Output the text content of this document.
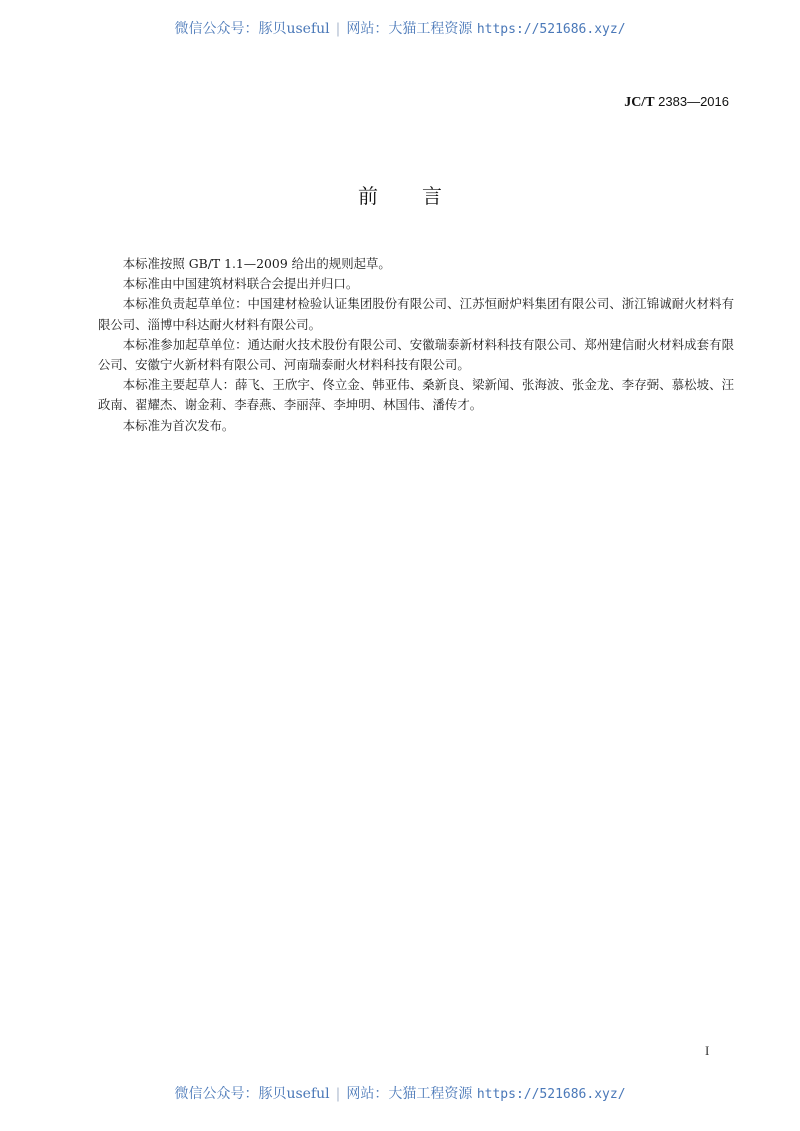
微信公众号：豚贝useful | 网站：大猫工程资源 https://521686.xyz/
JC/T 2383—2016
前言

本标准按照 GB/T 1.1—2009 给出的规则起草。

本标准由中国建筑材料联合会提出并归口。

本标准负责起草单位：中国建材检验认证集团股份有限公司、江苏恒耐炉料集团有限公司、浙江锦诚耐火材料有限公司、淄博中科达耐火材料有限公司。

本标准参加起草单位：通达耐火技术股份有限公司、安徽瑞泰新材料科技有限公司、郑州建信耐火材料成套有限公司、安徽宁火新材料有限公司、河南瑞泰耐火材料科技有限公司。

本标准主要起草人：薛飞、王欣宇、佟立金、韩亚伟、桑新良、梁新闻、张海波、张金龙、李存弼、慕松坡、汪政南、翟耀杰、谢金莉、李春燕、李丽萍、李坤明、林国伟、潘传才。

本标准为首次发布。

I
微信公众号：豚贝useful | 网站：大猫工程资源 https://521686.xyz/
